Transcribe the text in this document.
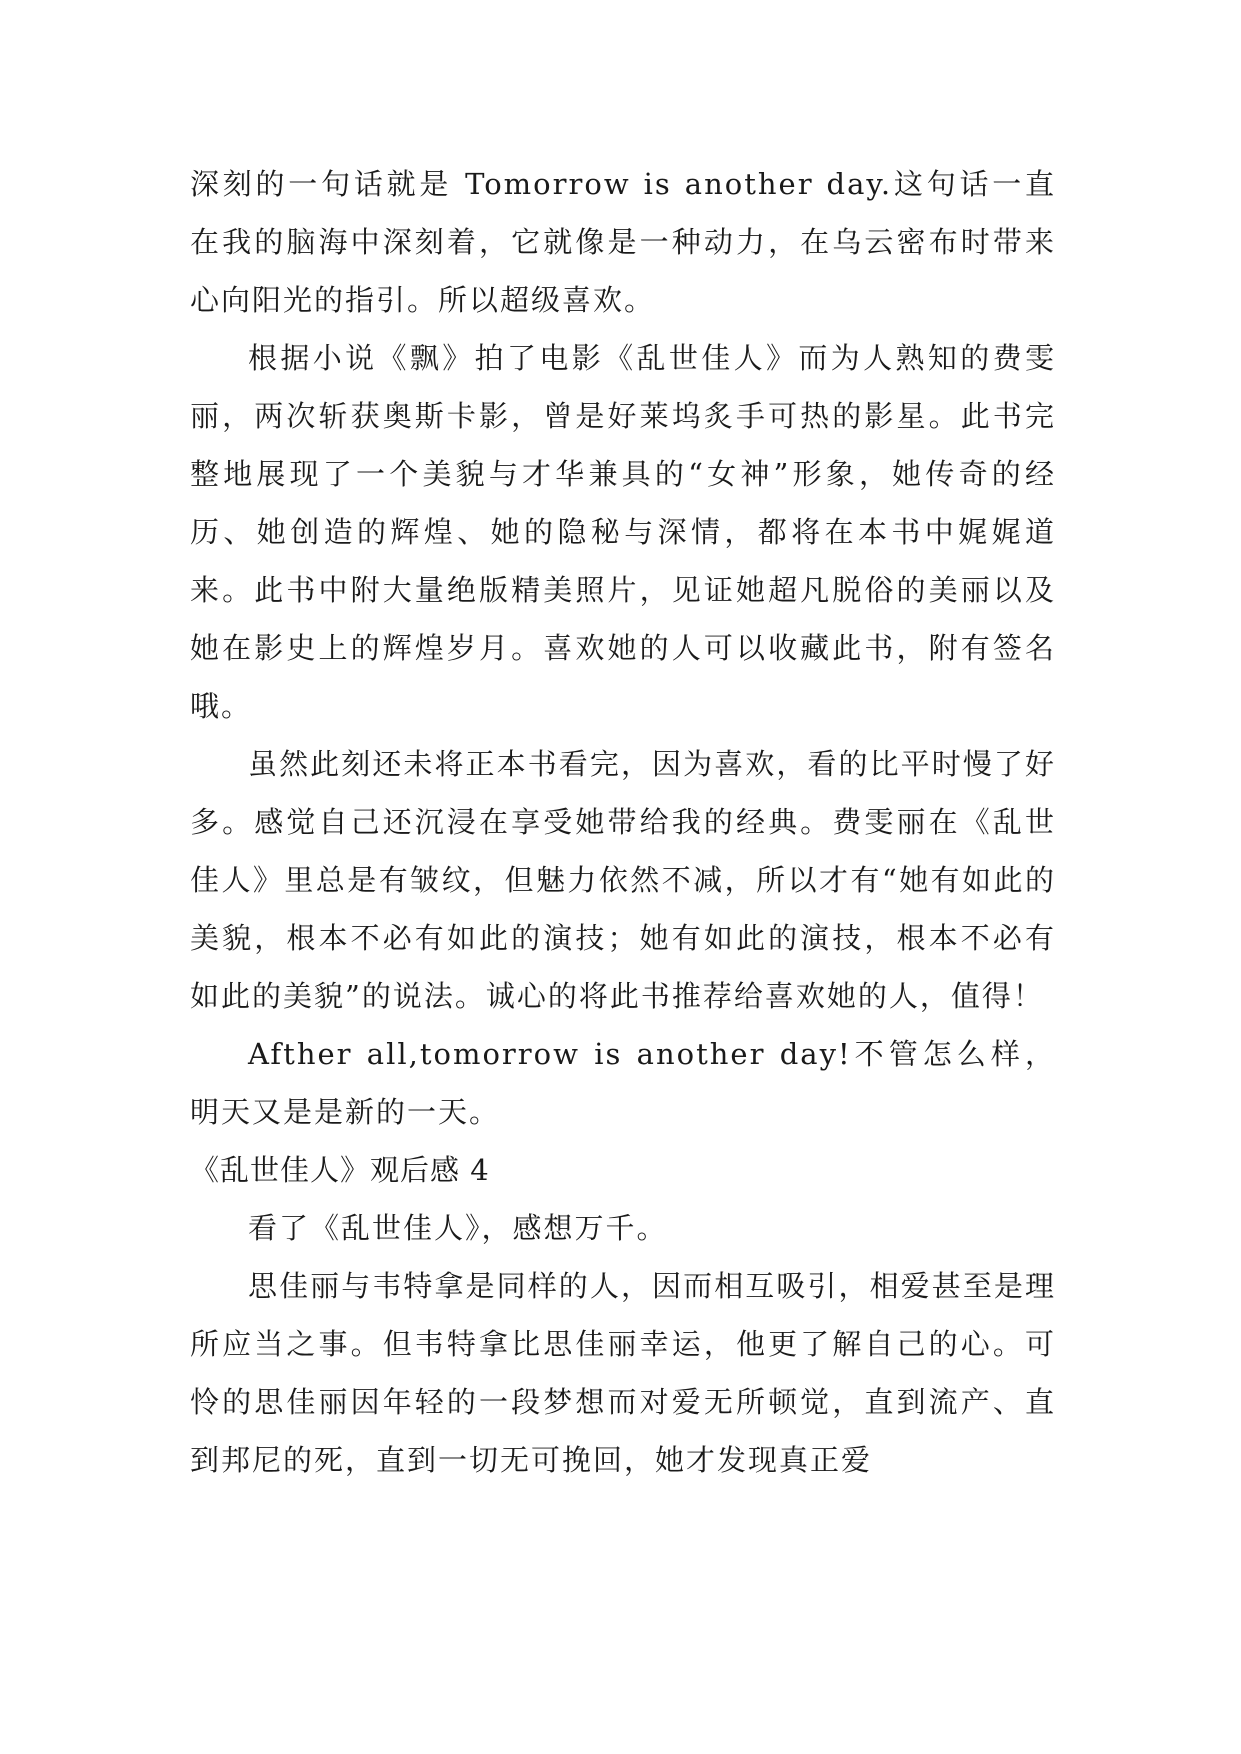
深刻的一句话就是 Tomorrow is another day.这句话一直在我的脑海中深刻着，它就像是一种动力，在乌云密布时带来心向阳光的指引。所以超级喜欢。

根据小说《飘》拍了电影《乱世佳人》而为人熟知的费雯丽，两次斩获奥斯卡影，曾是好莱坞炙手可热的影星。此书完整地展现了一个美貌与才华兼具的“女神”形象，她传奇的经历、她创造的辉煌、她的隐秘与深情，都将在本书中娓娓道来。此书中附大量绝版精美照片，见证她超凡脱俗的美丽以及她在影史上的辉煌岁月。喜欢她的人可以收藏此书，附有签名哦。

虽然此刻还未将正本书看完，因为喜欢，看的比平时慢了好多。感觉自己还沉浸在享受她带给我的经典。费雯丽在《乱世佳人》里总是有皱纹，但魅力依然不减，所以才有“她有如此的美貌，根本不必有如此的演技；她有如此的演技，根本不必有如此的美貌”的说法。诚心的将此书推荐给喜欢她的人，值得！

Afther all,tomorrow is another day!不管怎么样，明天又是是新的一天。

《乱世佳人》观后感 4

看了《乱世佳人》，感想万千。

思佳丽与韦特拿是同样的人，因而相互吸引，相爱甚至是理所应当之事。但韦特拿比思佳丽幸运，他更了解自己的心。可怜的思佳丽因年轻的一段梦想而对爱无所顿觉，直到流产、直到邦尼的死，直到一切无可挽回，她才发现真正爱
